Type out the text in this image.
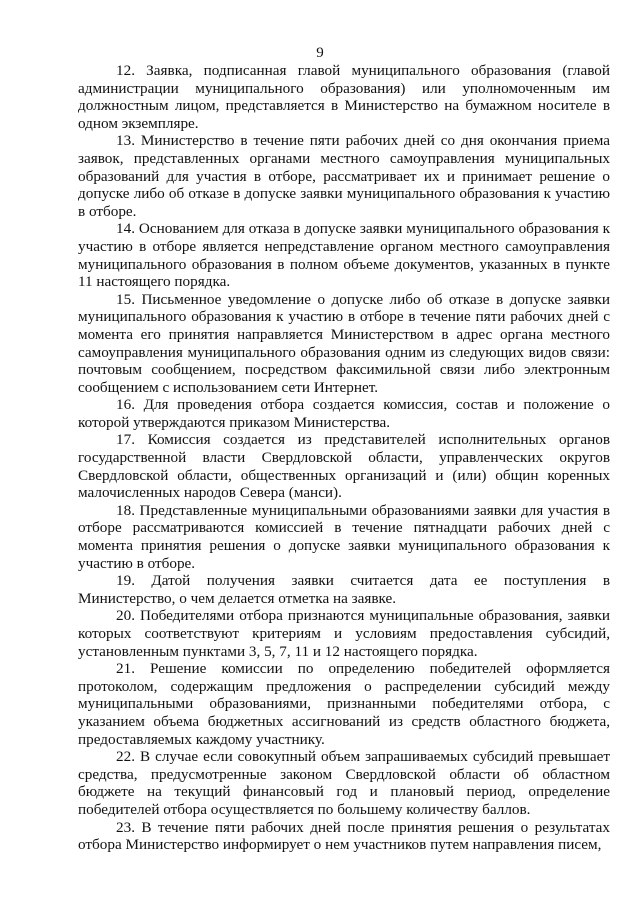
9

12. Заявка, подписанная главой муниципального образования (главой администрации муниципального образования) или уполномоченным им должностным лицом, представляется в Министерство на бумажном носителе в одном экземпляре.

13. Министерство в течение пяти рабочих дней со дня окончания приема заявок, представленных органами местного самоуправления муниципальных образований для участия в отборе, рассматривает их и принимает решение о допуске либо об отказе в допуске заявки муниципального образования к участию в отборе.

14. Основанием для отказа в допуске заявки муниципального образования к участию в отборе является непредставление органом местного самоуправления муниципального образования в полном объеме документов, указанных в пункте 11 настоящего порядка.

15. Письменное уведомление о допуске либо об отказе в допуске заявки муниципального образования к участию в отборе в течение пяти рабочих дней с момента его принятия направляется Министерством в адрес органа местного самоуправления муниципального образования одним из следующих видов связи: почтовым сообщением, посредством факсимильной связи либо электронным сообщением с использованием сети Интернет.

16. Для проведения отбора создается комиссия, состав и положение о которой утверждаются приказом Министерства.

17. Комиссия создается из представителей исполнительных органов государственной власти Свердловской области, управленческих округов Свердловской области, общественных организаций и (или) общин коренных малочисленных народов Севера (манси).

18. Представленные муниципальными образованиями заявки для участия в отборе рассматриваются комиссией в течение пятнадцати рабочих дней с момента принятия решения о допуске заявки муниципального образования к участию в отборе.

19. Датой получения заявки считается дата ее поступления в Министерство, о чем делается отметка на заявке.

20. Победителями отбора признаются муниципальные образования, заявки которых соответствуют критериям и условиям предоставления субсидий, установленным пунктами 3, 5, 7, 11 и 12 настоящего порядка.

21. Решение комиссии по определению победителей оформляется протоколом, содержащим предложения о распределении субсидий между муниципальными образованиями, признанными победителями отбора, с указанием объема бюджетных ассигнований из средств областного бюджета, предоставляемых каждому участнику.

22. В случае если совокупный объем запрашиваемых субсидий превышает средства, предусмотренные законом Свердловской области об областном бюджете на текущий финансовый год и плановый период, определение победителей отбора осуществляется по большему количеству баллов.

23. В течение пяти рабочих дней после принятия решения о результатах отбора Министерство информирует о нем участников путем направления писем,
